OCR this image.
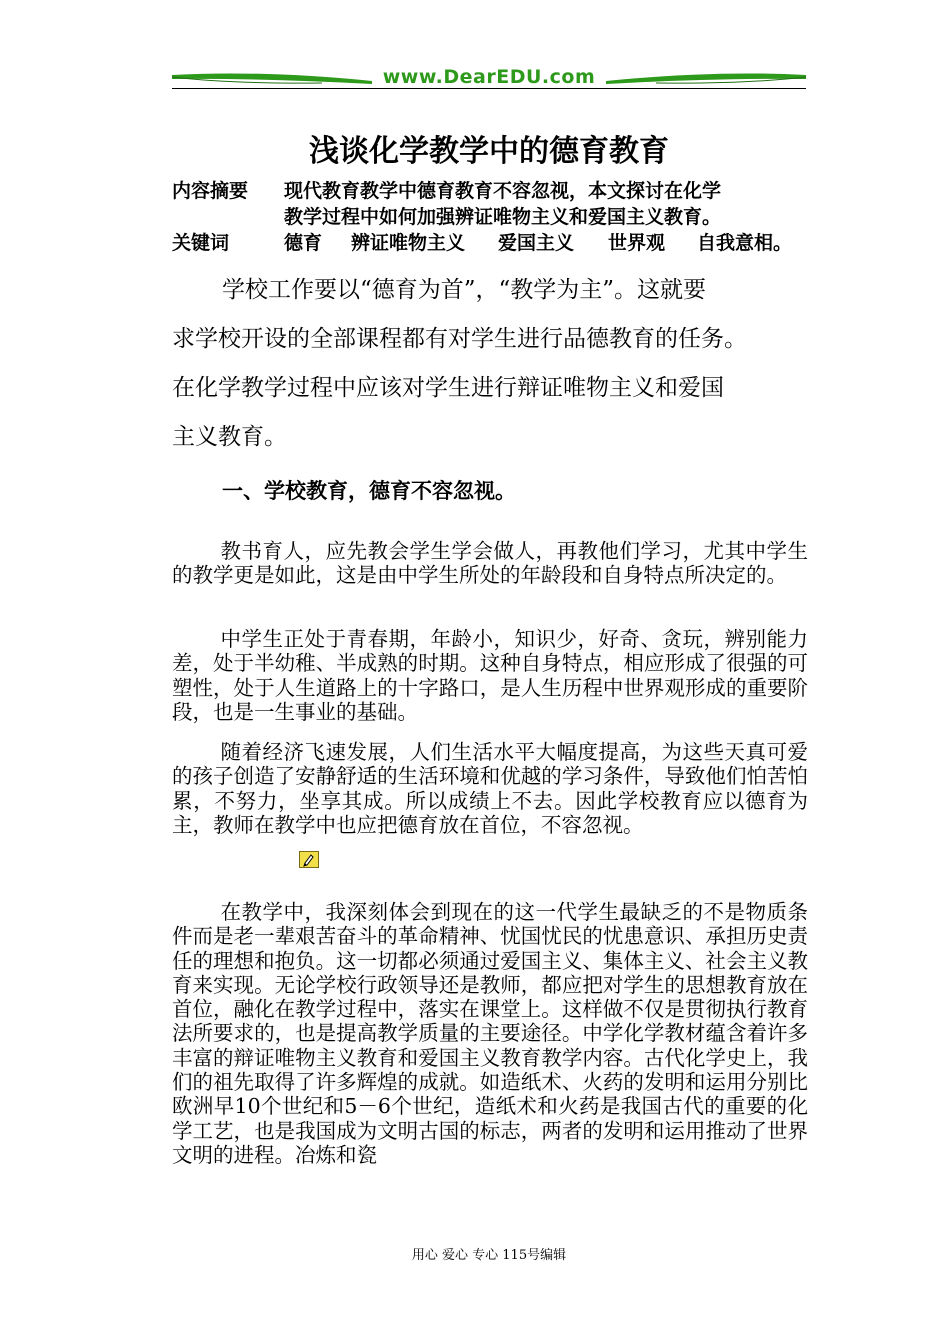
www.DearEDU.com
浅谈化学教学中的德育教育
内容摘要 现代教育教学中德育教育不容忽视，本文探讨在化学
教学过程中如何加强辨证唯物主义和爱国主义教育。
关键词	德育 辨证唯物主义 爱国主义 世界观 自我意相。

学校工作要以“德育为首”，“教学为主”。这就要

求学校开设的全部课程都有对学生进行品德教育的任务。

在化学教学过程中应该对学生进行辩证唯物主义和爱国

主义教育。

一、学校教育，德育不容忽视。

教书育人，应先教会学生学会做人，再教他们学习，尤其中学生的教学更是如此，这是由中学生所处的年龄段和自身特点所决定的。

中学生正处于青春期，年龄小，知识少，好奇、贪玩，辨别能力差，处于半幼稚、半成熟的时期。这种自身特点，相应形成了很强的可塑性，处于人生道路上的十字路口，是人生历程中世界观形成的重要阶段，也是一生事业的基础。

随着经济飞速发展，人们生活水平大幅度提高，为这些天真可爱的孩子创造了安静舒适的生活环境和优越的学习条件，导致他们怕苦怕累，不努力，坐享其成。所以成绩上不去。因此学校教育应以德育为主，教师在教学中也应把德育放在首位，不容忽视。

在教学中，我深刻体会到现在的这一代学生最缺乏的不是物质条件而是老一辈艰苦奋斗的革命精神、忧国忧民的忧患意识、承担历史责任的理想和抱负。这一切都必须通过爱国主义、集体主义、社会主义教育来实现。无论学校行政领导还是教师，都应把对学生的思想教育放在首位，融化在教学过程中，落实在课堂上。这样做不仅是贯彻执行教育法所要求的，也是提高教学质量的主要途径。中学化学教材蕴含着许多丰富的辩证唯物主义教育和爱国主义教育教学内容。古代化学史上，我们的祖先取得了许多辉煌的成就。如造纸术、火药的发明和运用分别比欧洲早10个世纪和5－6个世纪，造纸术和火药是我国古代的重要的化学工艺，也是我国成为文明古国的标志，两者的发明和运用推动了世界文明的进程。冶炼和瓷

用心 爱心 专心 115号编辑
